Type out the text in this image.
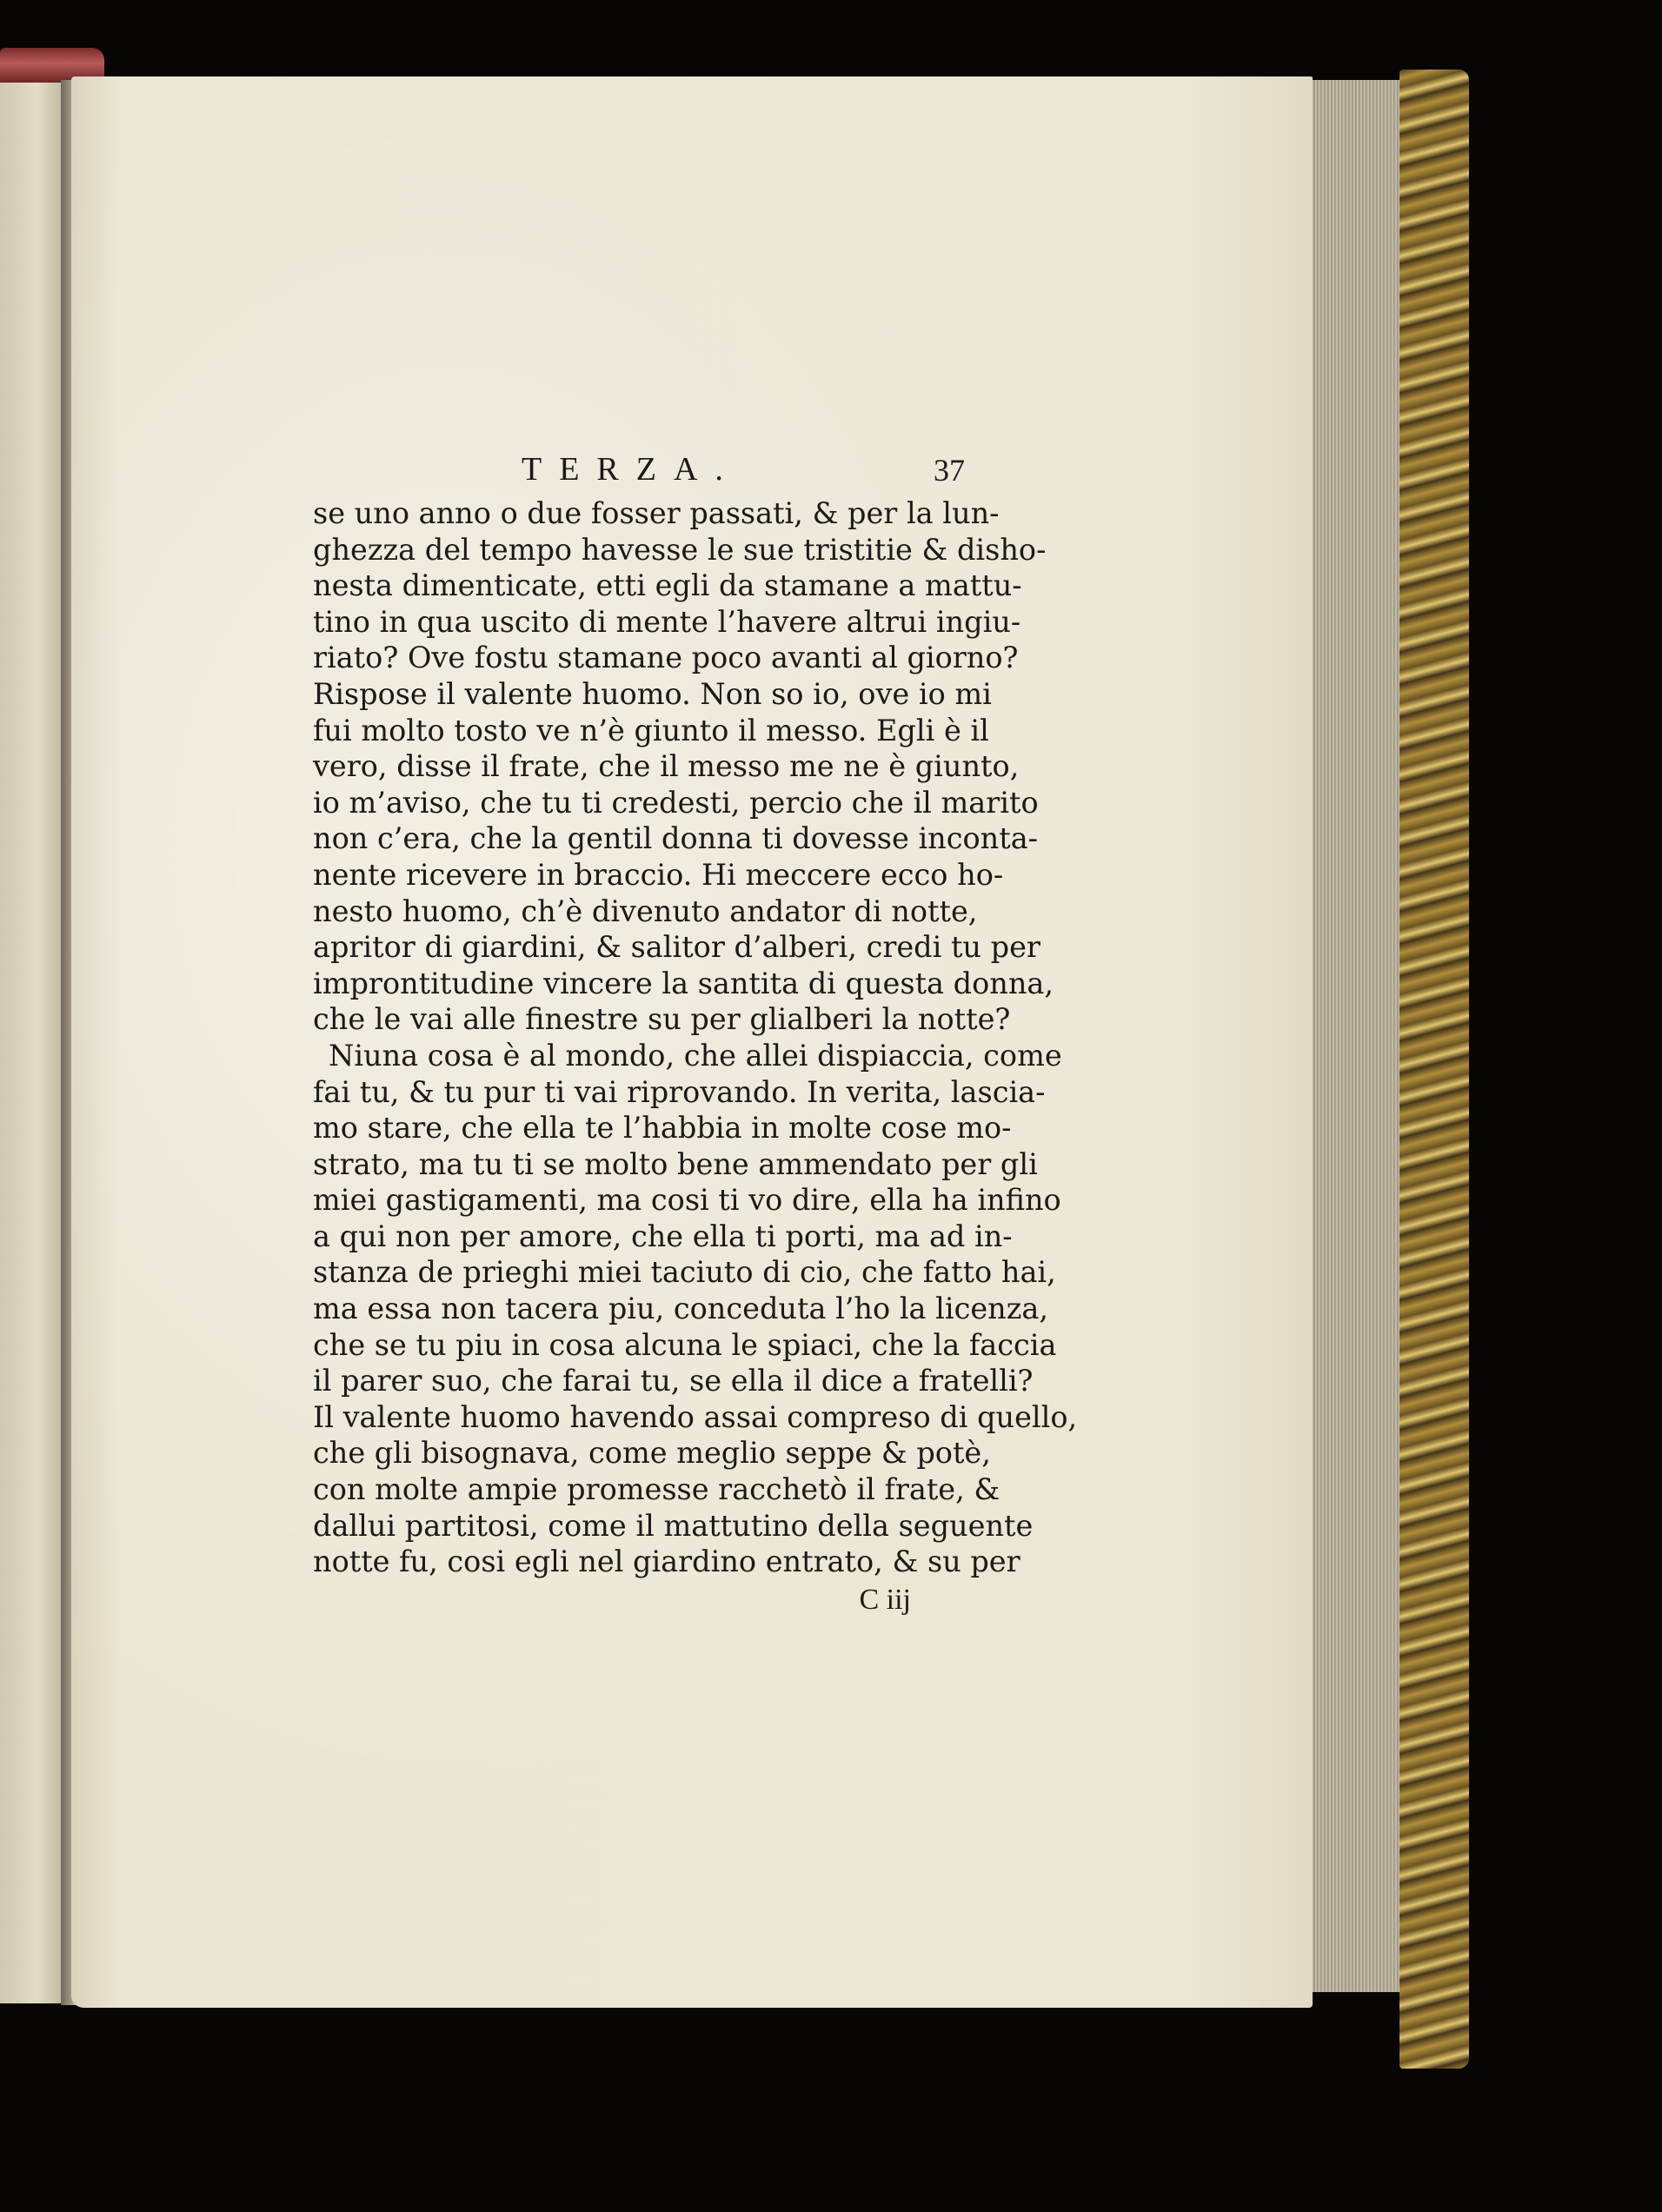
TERZA.	37
se uno anno o due fosser passati, & per la lun-
ghezza del tempo havesse le sue tristitie & disho-
nesta dimenticate, etti egli da stamane a mattu-
tino in qua uscito di mente l’havere altrui ingiu-
riato? Ove fostu stamane poco avanti al giorno?
Rispose il valente huomo. Non so io, ove io mi
fui molto tosto ve n’è giunto il messo. Egli è il
vero, disse il frate, che il messo me ne è giunto,
io m’aviso, che tu ti credesti, percio che il marito
non c’era, che la gentil donna ti dovesse inconta-
nente ricevere in braccio. Hi meccere ecco ho-
nesto huomo, ch’è divenuto andator di notte,
apritor di giardini, & salitor d’alberi, credi tu per
improntitudine vincere la santita di questa donna,
che le vai alle finestre su per glialberi la notte?
Niuna cosa è al mondo, che allei dispiaccia, come
fai tu, & tu pur ti vai riprovando. In verita, lascia-
mo stare, che ella te l’habbia in molte cose mo-
strato, ma tu ti se molto bene ammendato per gli
miei gastigamenti, ma cosi ti vo dire, ella ha infino
a qui non per amore, che ella ti porti, ma ad in-
stanza de prieghi miei taciuto di cio, che fatto hai,
ma essa non tacera piu, conceduta l’ho la licenza,
che se tu piu in cosa alcuna le spiaci, che la faccia
il parer suo, che farai tu, se ella il dice a fratelli?
Il valente huomo havendo assai compreso di quello,
che gli bisognava, come meglio seppe & potè,
con molte ampie promesse racchetò il frate, &
dallui partitosi, come il mattutino della seguente
notte fu, cosi egli nel giardino entrato, & su per
C iij
